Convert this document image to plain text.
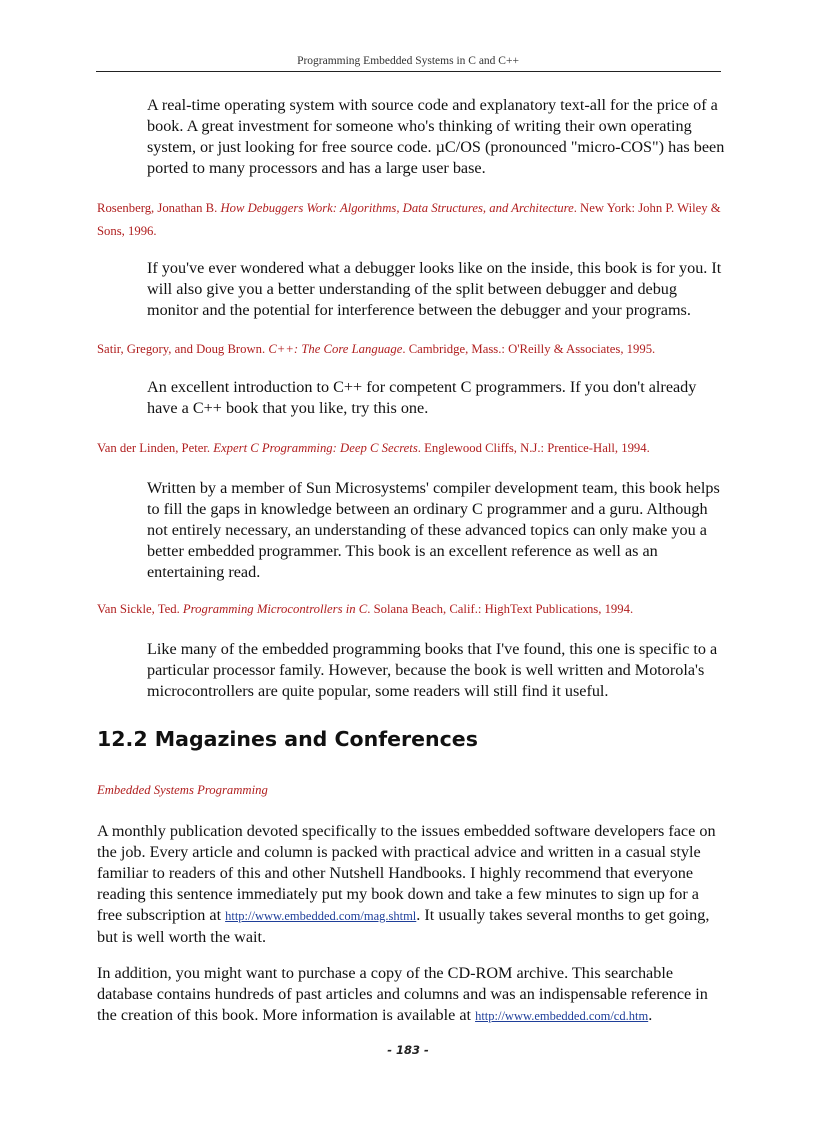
Programming Embedded Systems in C and C++
A real-time operating system with source code and explanatory text-all for the price of a book. A great investment for someone who's thinking of writing their own operating system, or just looking for free source code. µC/OS (pronounced "micro-COS") has been ported to many processors and has a large user base.
Rosenberg, Jonathan B. How Debuggers Work: Algorithms, Data Structures, and Architecture. New York: John P. Wiley & Sons, 1996.
If you've ever wondered what a debugger looks like on the inside, this book is for you. It will also give you a better understanding of the split between debugger and debug monitor and the potential for interference between the debugger and your programs.
Satir, Gregory, and Doug Brown. C++: The Core Language. Cambridge, Mass.: O'Reilly & Associates, 1995.
An excellent introduction to C++ for competent C programmers. If you don't already have a C++ book that you like, try this one.
Van der Linden, Peter. Expert C Programming: Deep C Secrets. Englewood Cliffs, N.J.: Prentice-Hall, 1994.
Written by a member of Sun Microsystems' compiler development team, this book helps to fill the gaps in knowledge between an ordinary C programmer and a guru. Although not entirely necessary, an understanding of these advanced topics can only make you a better embedded programmer. This book is an excellent reference as well as an entertaining read.
Van Sickle, Ted. Programming Microcontrollers in C. Solana Beach, Calif.: HighText Publications, 1994.
Like many of the embedded programming books that I've found, this one is specific to a particular processor family. However, because the book is well written and Motorola's microcontrollers are quite popular, some readers will still find it useful.
12.2 Magazines and Conferences
Embedded Systems Programming
A monthly publication devoted specifically to the issues embedded software developers face on the job. Every article and column is packed with practical advice and written in a casual style familiar to readers of this and other Nutshell Handbooks. I highly recommend that everyone reading this sentence immediately put my book down and take a few minutes to sign up for a free subscription at http://www.embedded.com/mag.shtml. It usually takes several months to get going, but is well worth the wait.
In addition, you might want to purchase a copy of the CD-ROM archive. This searchable database contains hundreds of past articles and columns and was an indispensable reference in the creation of this book. More information is available at http://www.embedded.com/cd.htm.
- 183 -
